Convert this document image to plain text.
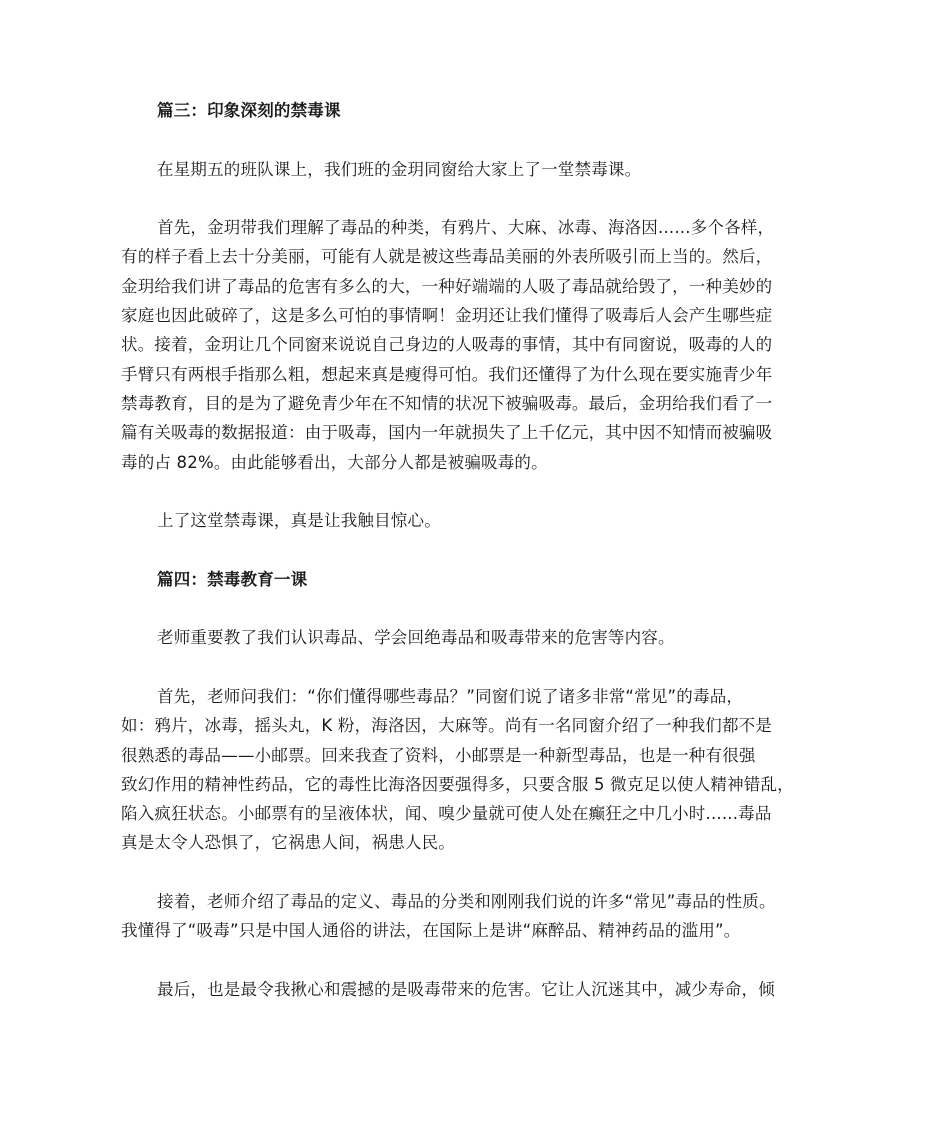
篇三：印象深刻的禁毒课
在星期五的班队课上，我们班的金玥同窗给大家上了一堂禁毒课。
首先，金玥带我们理解了毒品的种类，有鸦片、大麻、冰毒、海洛因......多个各样，
有的样子看上去十分美丽，可能有人就是被这些毒品美丽的外表所吸引而上当的。然后，
金玥给我们讲了毒品的危害有多么的大，一种好端端的人吸了毒品就给毁了，一种美妙的
家庭也因此破碎了，这是多么可怕的事情啊！金玥还让我们懂得了吸毒后人会产生哪些症
状。接着，金玥让几个同窗来说说自己身边的人吸毒的事情，其中有同窗说，吸毒的人的
手臂只有两根手指那么粗，想起来真是瘦得可怕。我们还懂得了为什么现在要实施青少年
禁毒教育，目的是为了避免青少年在不知情的状况下被骗吸毒。最后，金玥给我们看了一
篇有关吸毒的数据报道：由于吸毒，国内一年就损失了上千亿元，其中因不知情而被骗吸
毒的占 82%。由此能够看出，大部分人都是被骗吸毒的。
上了这堂禁毒课，真是让我触目惊心。
篇四：禁毒教育一课
老师重要教了我们认识毒品、学会回绝毒品和吸毒带来的危害等内容。
首先，老师问我们：“你们懂得哪些毒品？”同窗们说了诸多非常“常见”的毒品，
如：鸦片，冰毒，摇头丸，K 粉，海洛因，大麻等。尚有一名同窗介绍了一种我们都不是
很熟悉的毒品——小邮票。回来我查了资料，小邮票是一种新型毒品，也是一种有很强
致幻作用的精神性药品，它的毒性比海洛因要强得多，只要含服 5 微克足以使人精神错乱，
陷入疯狂状态。小邮票有的呈液体状，闻、嗅少量就可使人处在癫狂之中几小时......毒品
真是太令人恐惧了，它祸患人间，祸患人民。
接着，老师介绍了毒品的定义、毒品的分类和刚刚我们说的许多“常见”毒品的性质。
我懂得了“吸毒”只是中国人通俗的讲法，在国际上是讲“麻醉品、精神药品的滥用”。
最后，也是最令我揪心和震撼的是吸毒带来的危害。它让人沉迷其中，减少寿命，倾
